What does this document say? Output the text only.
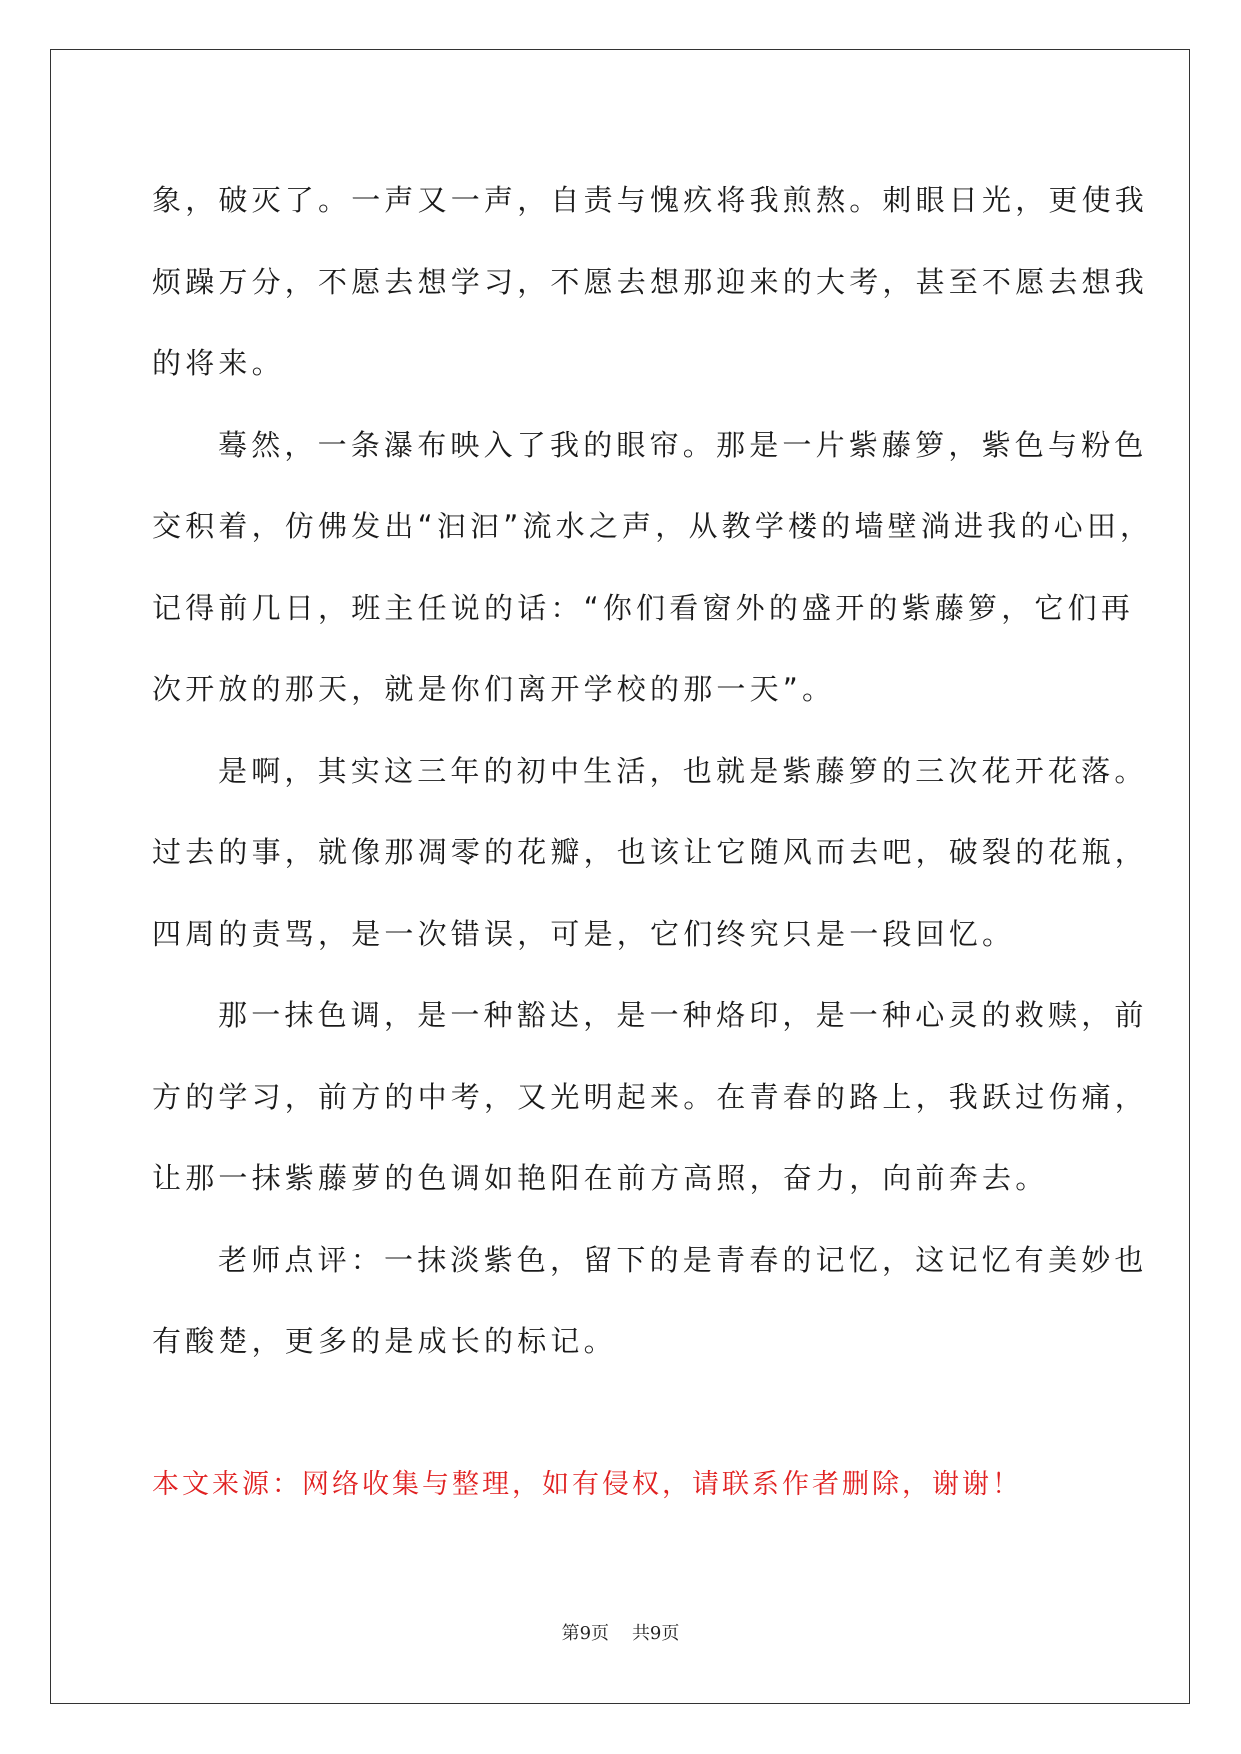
象，破灭了。一声又一声，自责与愧疚将我煎熬。刺眼日光，更使我
烦躁万分，不愿去想学习，不愿去想那迎来的大考，甚至不愿去想我
的将来。

蓦然，一条瀑布映入了我的眼帘。那是一片紫藤箩，紫色与粉色
交积着，仿佛发出“汩汩”流水之声，从教学楼的墙壁淌进我的心田，
记得前几日，班主任说的话：“你们看窗外的盛开的紫藤箩，它们再
次开放的那天，就是你们离开学校的那一天”。

是啊，其实这三年的初中生活，也就是紫藤箩的三次花开花落。
过去的事，就像那凋零的花瓣，也该让它随风而去吧，破裂的花瓶，
四周的责骂，是一次错误，可是，它们终究只是一段回忆。

那一抹色调，是一种豁达，是一种烙印，是一种心灵的救赎，前
方的学习，前方的中考，又光明起来。在青春的路上，我跃过伤痛，
让那一抹紫藤萝的色调如艳阳在前方高照，奋力，向前奔去。

老师点评：一抹淡紫色，留下的是青春的记忆，这记忆有美妙也
有酸楚，更多的是成长的标记。

本文来源：网络收集与整理，如有侵权，请联系作者删除，谢谢！
第9页 共9页
